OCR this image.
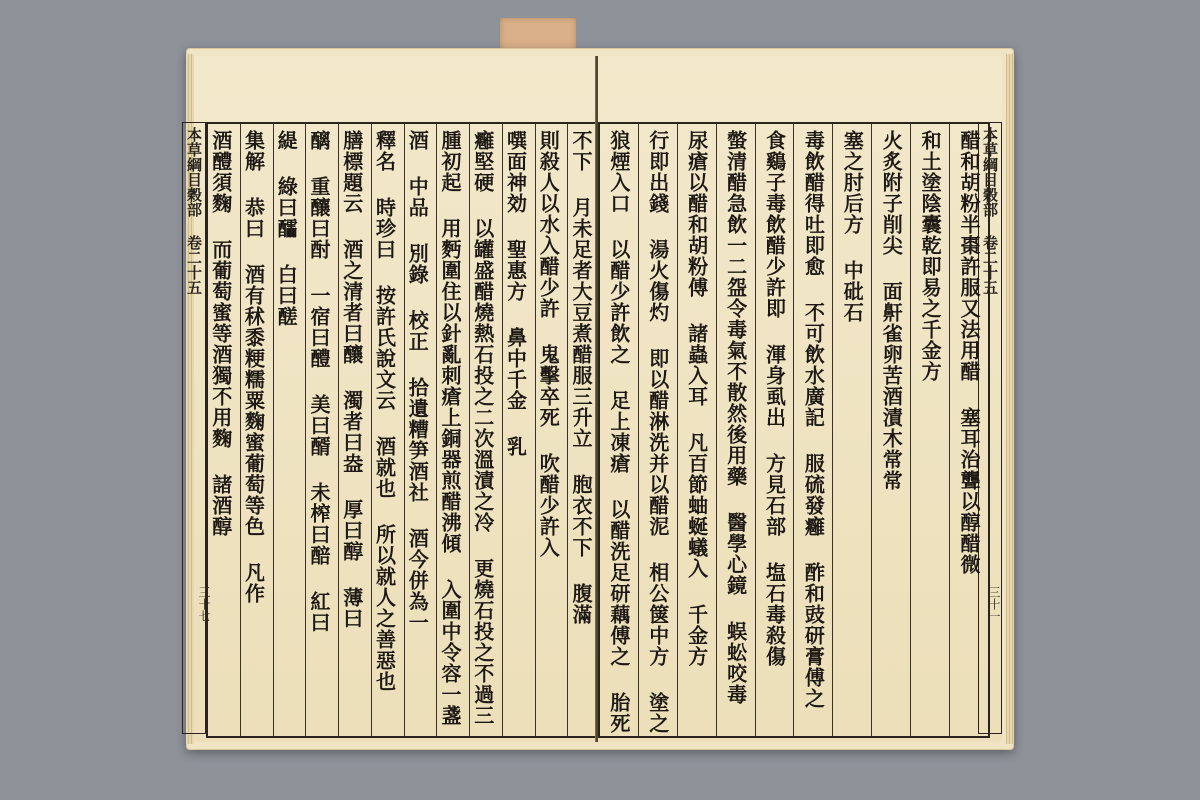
本草綱目穀部 卷二十五
三十七	不下 月未足者大豆煮醋服三升立 胞衣不下 腹滿
則殺人以水入醋少許 鬼擊卒死 吹醋少許入
噀面神効 聖惠方 鼻中千金 乳
癰堅硬 以罐盛醋燒熱石投之二次溫漬之冷 更燒石投之不過三
腫初起 用麪圍住以針亂刺瘡上銅器煎醋沸傾 入圍中令容一盞
酒 中品 別錄 校正 拾遺糟笋酒社 酒今併為一
釋名 時珍曰 按許氏說文云 酒就也 所以就人之善惡也
膳標題云 酒之清者曰釀 濁者曰盎 厚曰醇 薄曰
醨 重釀曰酎 一宿曰醴 美曰醑 未榨曰醅 紅曰
緹 綠曰醽 白曰醝
集解 恭曰 酒有秫黍粳糯粟麴蜜葡萄等色 凡作
酒醴須麴 而葡萄蜜等酒獨不用麴 諸酒醇	本草綱目穀部 卷二十五
三十一
醋和胡粉半棗許服又法用醋 塞耳治聾以醇醋微
和土塗陰囊乾即易之千金方
火炙附子削尖 面鼾雀卵苦酒漬木常常
塞之肘后方 中砒石
毒飲醋得吐即愈 不可飲水廣記 服硫發癰 酢和豉研膏傅之
食鷄子毒飲醋少許即 渾身虱出 方見石部 塩石毒殺傷
螫清醋急飲一二盌令毒氣不散然後用藥 醫學心鏡 蜈蚣咬毒
尿瘡以醋和胡粉傅 諸蟲入耳 凡百節蚰蜒蟻入 千金方
行即出錢 湯火傷灼 即以醋淋洗并以醋泥 相公箧中方 塗之
狼煙入口 以醋少許飲之 足上凍瘡 以醋洗足研藕傅之 胎死
